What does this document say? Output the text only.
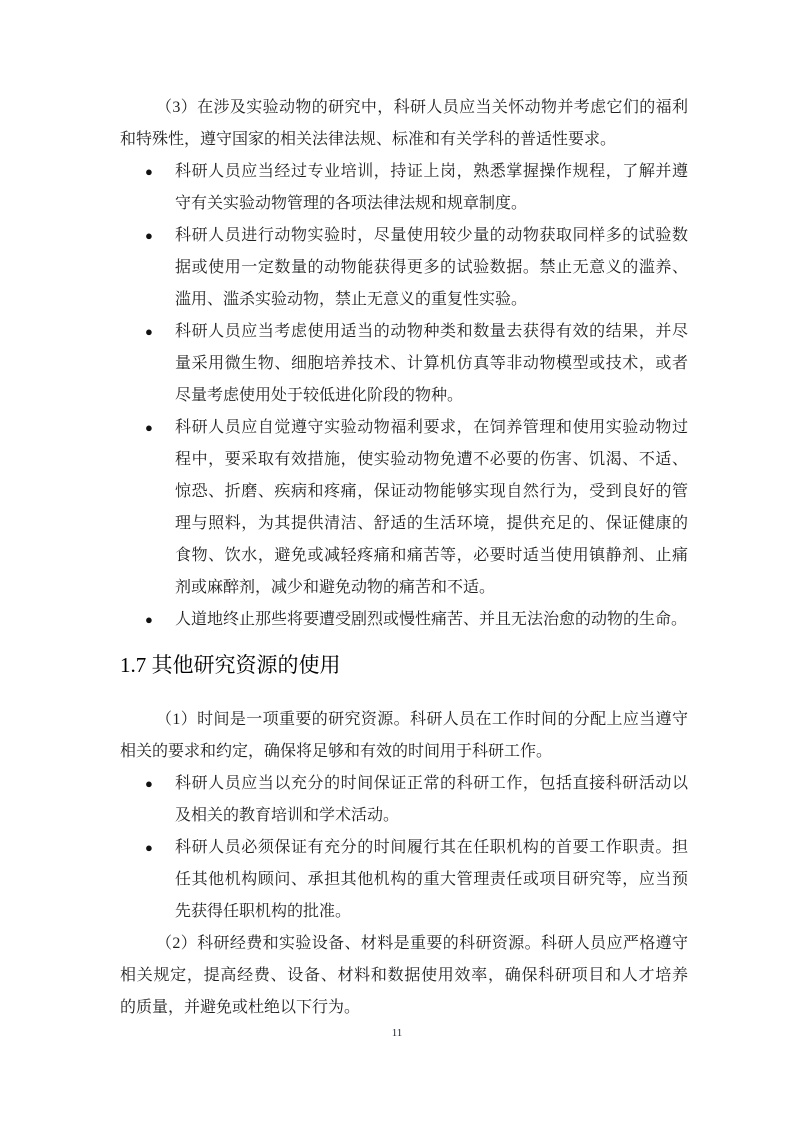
（3）在涉及实验动物的研究中，科研人员应当关怀动物并考虑它们的福利
和特殊性，遵守国家的相关法律法规、标准和有关学科的普适性要求。
●	科研人员应当经过专业培训，持证上岗，熟悉掌握操作规程，了解并遵
守有关实验动物管理的各项法律法规和规章制度。
●	科研人员进行动物实验时，尽量使用较少量的动物获取同样多的试验数
据或使用一定数量的动物能获得更多的试验数据。禁止无意义的滥养、
滥用、滥杀实验动物，禁止无意义的重复性实验。
●	科研人员应当考虑使用适当的动物种类和数量去获得有效的结果，并尽
量采用微生物、细胞培养技术、计算机仿真等非动物模型或技术，或者
尽量考虑使用处于较低进化阶段的物种。
●	科研人员应自觉遵守实验动物福利要求，在饲养管理和使用实验动物过
程中，要采取有效措施，使实验动物免遭不必要的伤害、饥渴、不适、
惊恐、折磨、疾病和疼痛，保证动物能够实现自然行为，受到良好的管
理与照料，为其提供清洁、舒适的生活环境，提供充足的、保证健康的
食物、饮水，避免或减轻疼痛和痛苦等，必要时适当使用镇静剂、止痛
剂或麻醉剂，减少和避免动物的痛苦和不适。
●	人道地终止那些将要遭受剧烈或慢性痛苦、并且无法治愈的动物的生命。
1.7 其他研究资源的使用
（1）时间是一项重要的研究资源。科研人员在工作时间的分配上应当遵守
相关的要求和约定，确保将足够和有效的时间用于科研工作。
●	科研人员应当以充分的时间保证正常的科研工作，包括直接科研活动以
及相关的教育培训和学术活动。
●	科研人员必须保证有充分的时间履行其在任职机构的首要工作职责。担
任其他机构顾问、承担其他机构的重大管理责任或项目研究等，应当预
先获得任职机构的批准。
（2）科研经费和实验设备、材料是重要的科研资源。科研人员应严格遵守
相关规定，提高经费、设备、材料和数据使用效率，确保科研项目和人才培养
的质量，并避免或杜绝以下行为。
11
